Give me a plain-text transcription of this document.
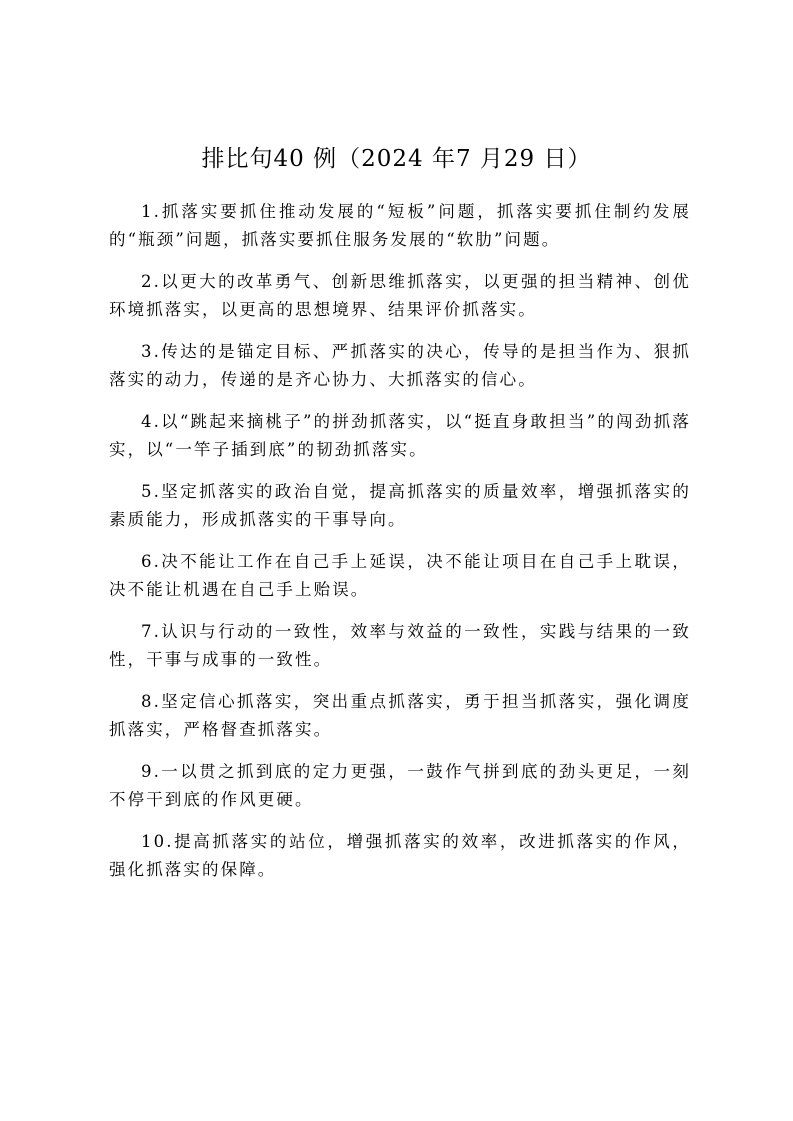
排比句40 例（2024 年7 月29 日）

1.抓落实要抓住推动发展的“短板”问题，抓落实要抓住制约发展的“瓶颈”问题，抓落实要抓住服务发展的“软肋”问题。

2.以更大的改革勇气、创新思维抓落实，以更强的担当精神、创优环境抓落实，以更高的思想境界、结果评价抓落实。

3.传达的是锚定目标、严抓落实的决心，传导的是担当作为、狠抓落实的动力，传递的是齐心协力、大抓落实的信心。

4.以“跳起来摘桃子”的拼劲抓落实，以“挺直身敢担当”的闯劲抓落实，以“一竿子插到底”的韧劲抓落实。

5.坚定抓落实的政治自觉，提高抓落实的质量效率，增强抓落实的素质能力，形成抓落实的干事导向。

6.决不能让工作在自己手上延误，决不能让项目在自己手上耽误，决不能让机遇在自己手上贻误。

7.认识与行动的一致性，效率与效益的一致性，实践与结果的一致性，干事与成事的一致性。

8.坚定信心抓落实，突出重点抓落实，勇于担当抓落实，强化调度抓落实，严格督查抓落实。

9.一以贯之抓到底的定力更强，一鼓作气拼到底的劲头更足，一刻不停干到底的作风更硬。

10.提高抓落实的站位，增强抓落实的效率，改进抓落实的作风，强化抓落实的保障。
